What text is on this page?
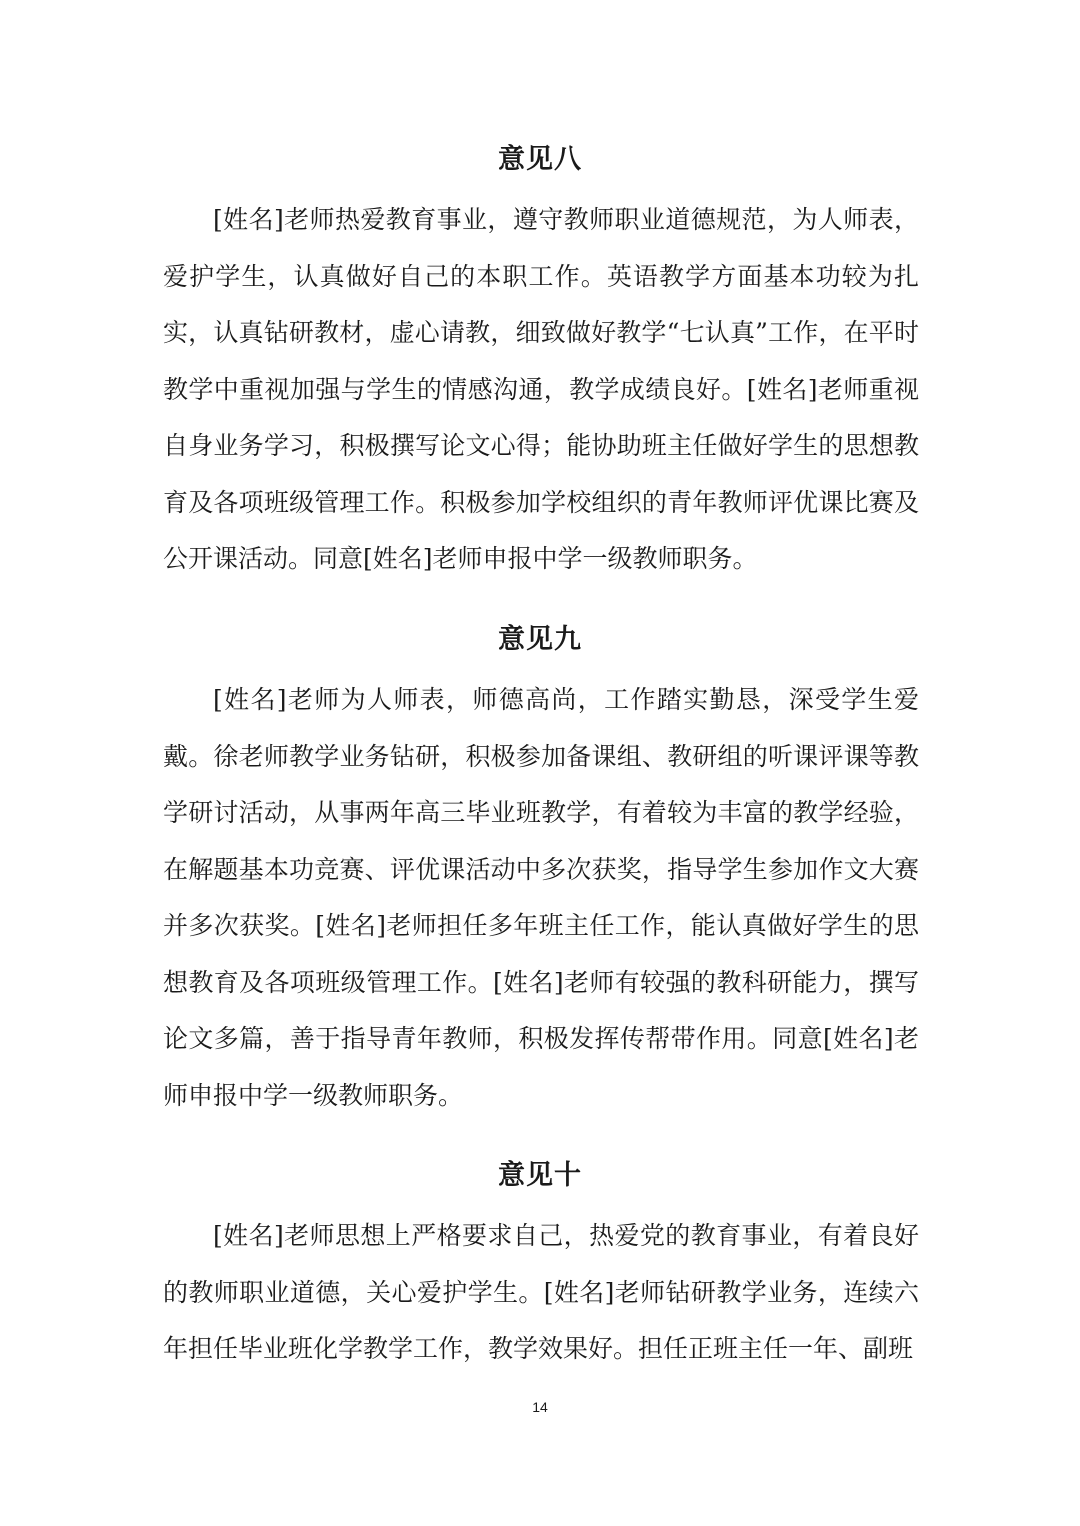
意见八

[姓名]老师热爱教育事业，遵守教师职业道德规范，为人师表，爱护学生，认真做好自己的本职工作。英语教学方面基本功较为扎实，认真钻研教材，虚心请教，细致做好教学“七认真”工作，在平时教学中重视加强与学生的情感沟通，教学成绩良好。[姓名]老师重视自身业务学习，积极撰写论文心得；能协助班主任做好学生的思想教育及各项班级管理工作。积极参加学校组织的青年教师评优课比赛及公开课活动。同意[姓名]老师申报中学一级教师职务。

意见九

[姓名]老师为人师表，师德高尚，工作踏实勤恳，深受学生爱戴。徐老师教学业务钻研，积极参加备课组、教研组的听课评课等教学研讨活动，从事两年高三毕业班教学，有着较为丰富的教学经验，在解题基本功竞赛、评优课活动中多次获奖，指导学生参加作文大赛并多次获奖。[姓名]老师担任多年班主任工作，能认真做好学生的思想教育及各项班级管理工作。[姓名]老师有较强的教科研能力，撰写论文多篇，善于指导青年教师，积极发挥传帮带作用。同意[姓名]老师申报中学一级教师职务。

意见十

[姓名]老师思想上严格要求自己，热爱党的教育事业，有着良好的教师职业道德，关心爱护学生。[姓名]老师钻研教学业务，连续六年担任毕业班化学教学工作，教学效果好。担任正班主任一年、副班

14
